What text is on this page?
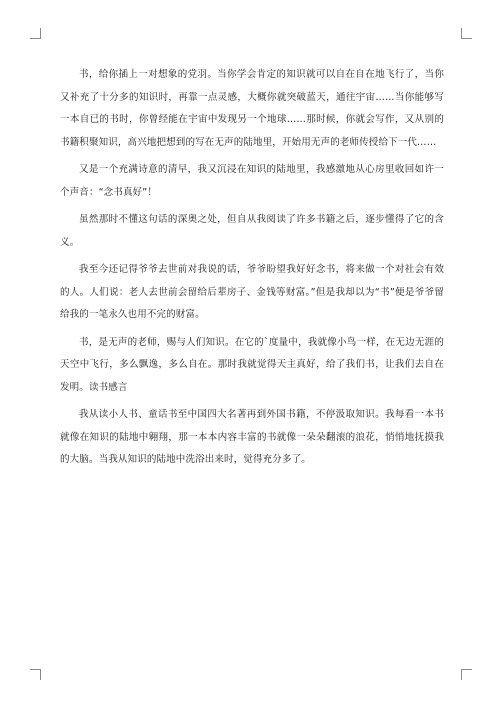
书，给你插上一对想象的党羽。当你学会肯定的知识就可以自在自在地飞行了，当你又补充了十分多的知识时，再靠一点灵感，大概你就突破蓝天，通往宇宙……当你能够写一本自已的书时，你曾经能在宇宙中发现另一个地球……那时候，你就会写作，又从别的书籍积聚知识，高兴地把想到的写在无声的陆地里，开始用无声的老师传授给下一代……

又是一个充满诗意的清早，我又沉浸在知识的陆地里，我感激地从心房里收回如许一个声音：“念书真好”！

虽然那时不懂这句话的深奥之处，但自从我阅读了许多书籍之后，逐步懂得了它的含义。

我至今还记得爷爷去世前对我说的话，爷爷盼望我好好念书，将来做一个对社会有效的人。人们说：老人去世前会留给后辈房子、金钱等财富。”但是我却以为“书”便是爷爷留给我的一笔永久也用不完的财富。

书，是无声的老师，赐与人们知识。在它的`度量中，我就像小鸟一样，在无边无涯的天空中飞行，多么飘逸，多么自在。那时我就觉得天主真好，给了我们书，让我们去自在发明。读书感言

我从读小人书、童话书至中国四大名著再到外国书籍，不停汲取知识。我每看一本书就像在知识的陆地中翱翔，那一本本内容丰富的书就像一朵朵翻滚的浪花，悄悄地抚摸我的大脑。当我从知识的陆地中洗浴出来时，觉得充分多了。
